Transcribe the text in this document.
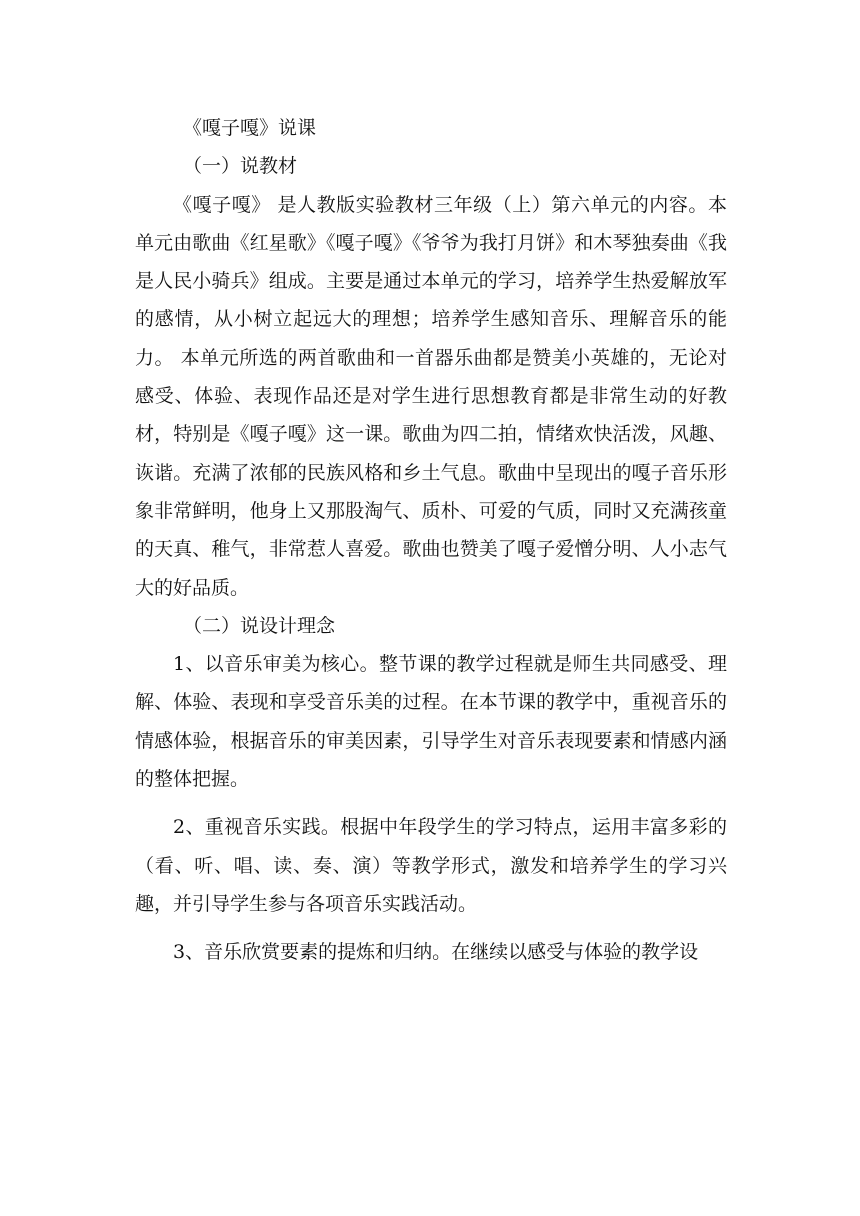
《嘎子嘎》说课

（一）说教材

《嘎子嘎》 是人教版实验教材三年级（上）第六单元的内容。本单元由歌曲《红星歌》《嘎子嘎》《爷爷为我打月饼》和木琴独奏曲《我是人民小骑兵》组成。主要是通过本单元的学习，培养学生热爱解放军的感情，从小树立起远大的理想；培养学生感知音乐、理解音乐的能力。 本单元所选的两首歌曲和一首器乐曲都是赞美小英雄的，无论对感受、体验、表现作品还是对学生进行思想教育都是非常生动的好教材，特别是《嘎子嘎》这一课。歌曲为四二拍，情绪欢快活泼，风趣、诙谐。充满了浓郁的民族风格和乡土气息。歌曲中呈现出的嘎子音乐形象非常鲜明，他身上又那股淘气、质朴、可爱的气质，同时又充满孩童的天真、稚气，非常惹人喜爱。歌曲也赞美了嘎子爱憎分明、人小志气大的好品质。

（二）说设计理念

1、以音乐审美为核心。整节课的教学过程就是师生共同感受、理解、体验、表现和享受音乐美的过程。在本节课的教学中，重视音乐的情感体验，根据音乐的审美因素，引导学生对音乐表现要素和情感内涵的整体把握。

2、重视音乐实践。根据中年段学生的学习特点，运用丰富多彩的（看、听、唱、读、奏、演）等教学形式，激发和培养学生的学习兴趣，并引导学生参与各项音乐实践活动。

3、音乐欣赏要素的提炼和归纳。在继续以感受与体验的教学设
